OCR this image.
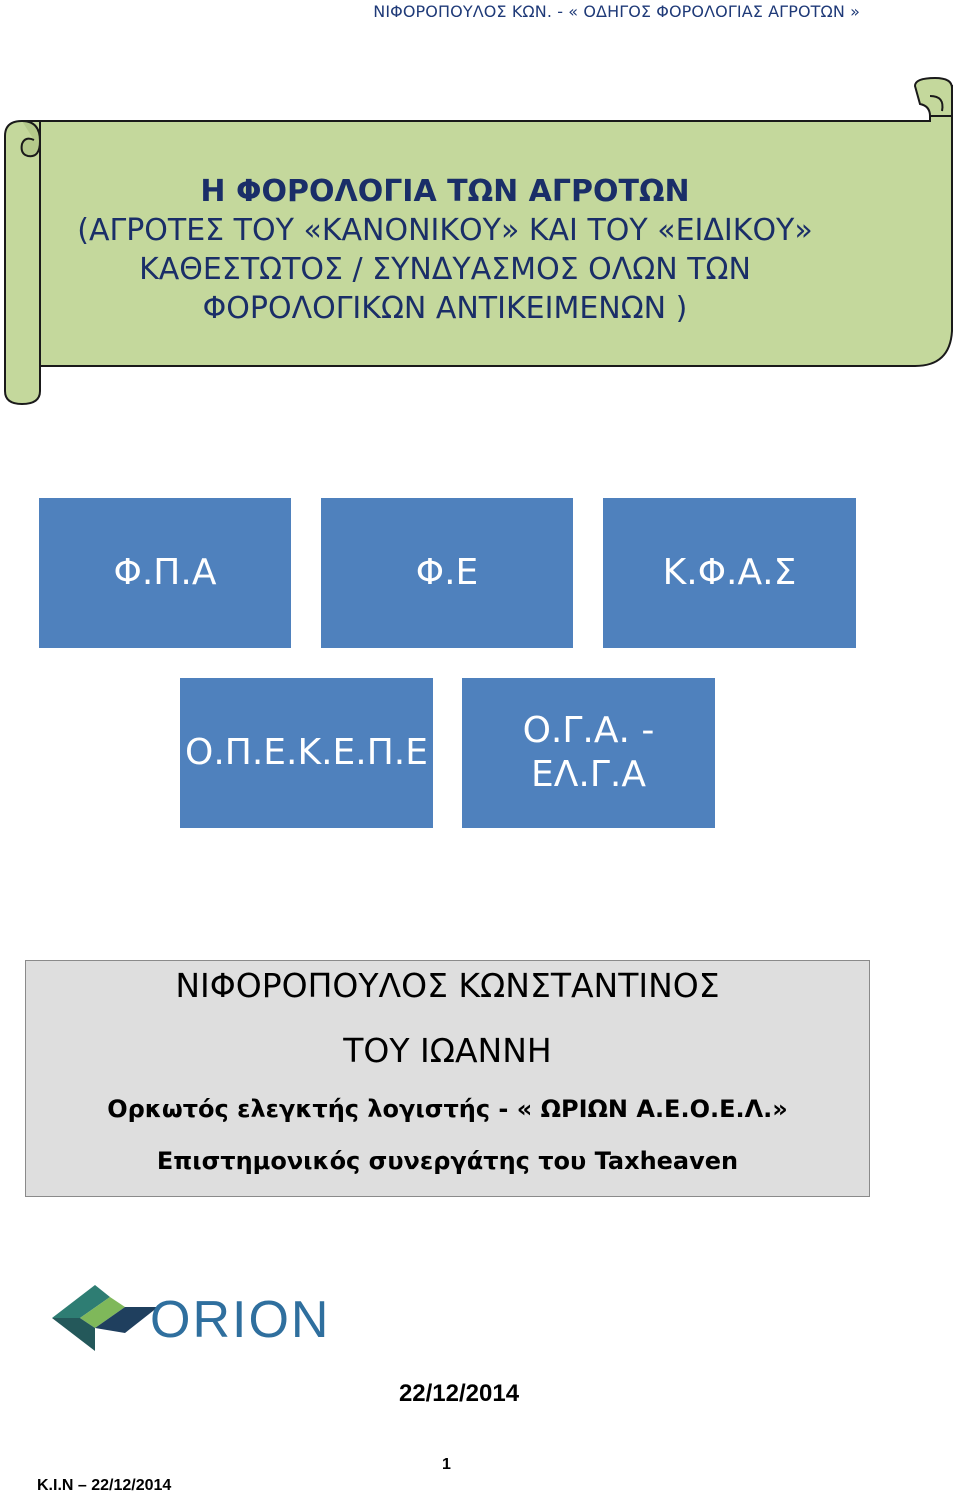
ΝΙΦΟΡΟΠΟΥΛΟΣ ΚΩΝ. - « ΟΔΗΓΟΣ ΦΟΡΟΛΟΓΙΑΣ ΑΓΡΟΤΩΝ »
Η ΦΟΡΟΛΟΓΙΑ ΤΩΝ ΑΓΡΟΤΩΝ
(ΑΓΡΟΤΕΣ ΤΟΥ «ΚΑΝΟΝΙΚΟΥ» ΚΑΙ ΤΟΥ «ΕΙΔΙΚΟΥ»
ΚΑΘΕΣΤΩΤΟΣ / ΣΥΝΔΥΑΣΜΟΣ ΟΛΩΝ ΤΩΝ
ΦΟΡΟΛΟΓΙΚΩΝ ΑΝΤΙΚΕΙΜΕΝΩΝ )
Φ.Π.Α	Φ.Ε	Κ.Φ.Α.Σ
Ο.Π.Ε.Κ.Ε.Π.Ε
Ο.Γ.Α. -
ΕΛ.Γ.Α
ΝΙΦΟΡΟΠΟΥΛΟΣ ΚΩΝΣΤΑΝΤΙΝΟΣ
ΤΟΥ ΙΩΑΝΝΗ
Ορκωτός ελεγκτής λογιστής - « ΩΡΙΩΝ Α.Ε.Ο.Ε.Λ.»
Επιστημονικός συνεργάτης του Taxheaven
ORION
22/12/2014
1
K.I.N – 22/12/2014
